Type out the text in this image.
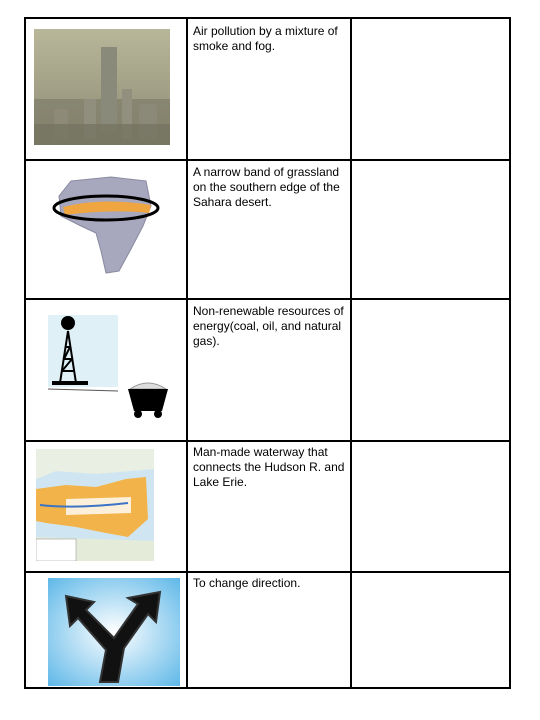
Air pollution by a mixture of smoke and fog.
A narrow band of grassland on the southern edge of the Sahara desert.
Non-renewable resources of energy(coal, oil, and natural gas).
Man-made waterway that connects the Hudson R. and Lake Erie.
To change direction.
